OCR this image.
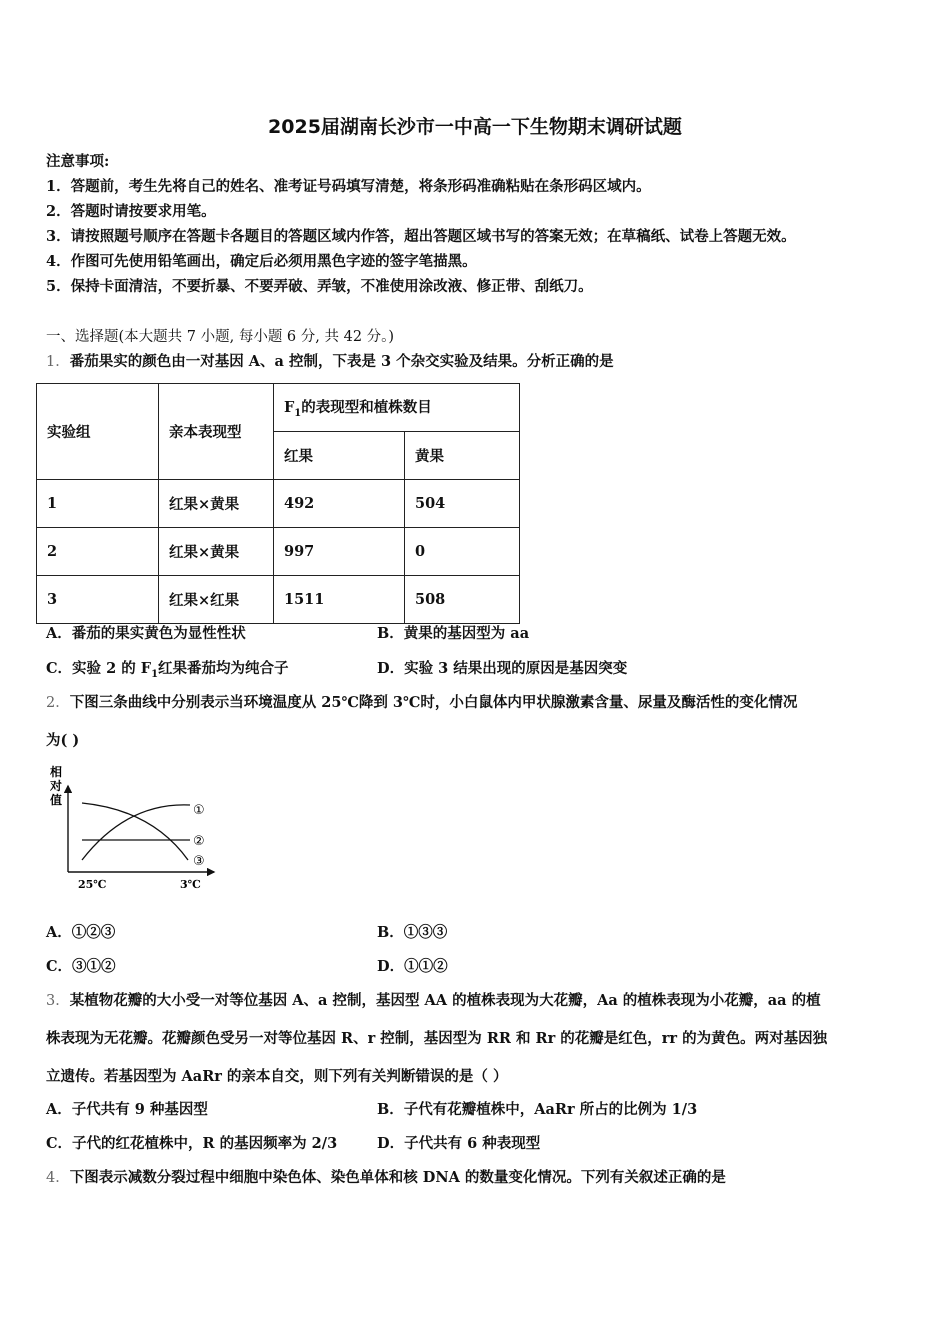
2025届湖南长沙市一中高一下生物期末调研试题
注意事项:
1．答题前，考生先将自己的姓名、准考证号码填写清楚，将条形码准确粘贴在条形码区域内。
2．答题时请按要求用笔。
3．请按照题号顺序在答题卡各题目的答题区域内作答，超出答题区域书写的答案无效；在草稿纸、试卷上答题无效。
4．作图可先使用铅笔画出，确定后必须用黑色字迹的签字笔描黑。
5．保持卡面清洁，不要折暴、不要弄破、弄皱，不准使用涂改液、修正带、刮纸刀。
一、选择题(本大题共 7 小题, 每小题 6 分, 共 42 分。)
1．番茄果实的颜色由一对基因 A、a 控制，下表是 3 个杂交实验及结果。分析正确的是
实验组	亲本表现型	$F_1$的表现型和植株数目	
		红果	黄果
1	红果×黄果	492	504
2	红果×黄果	997	0
3	红果×红果	1511	508
A．番茄的果实黄色为显性性状	B．黄果的基因型为 aa
C．实验 2 的 $F_1$红果番茄均为纯合子	D．实验 3 结果出现的原因是基因突变
2．下图三条曲线中分别表示当环境温度从 25℃降到 3℃时，小白鼠体内甲状腺激素含量、尿量及酶活性的变化情况
为( )
相
对
值
25℃	3℃
①
②
③
A．①②③	B．①③③
C．③①②	D．①①②
3．某植物花瓣的大小受一对等位基因 A、a 控制，基因型 AA 的植株表现为大花瓣，Aa 的植株表现为小花瓣，aa 的植
株表现为无花瓣。花瓣颜色受另一对等位基因 R、r 控制，基因型为 RR 和 Rr 的花瓣是红色，rr 的为黄色。两对基因独
立遗传。若基因型为 AaRr 的亲本自交，则下列有关判断错误的是（ ）
A．子代共有 9 种基因型	B．子代有花瓣植株中，AaRr 所占的比例为 1/3
C．子代的红花植株中，R 的基因频率为 2/3	D．子代共有 6 种表现型
4．下图表示减数分裂过程中细胞中染色体、染色单体和核 DNA 的数量变化情况。下列有关叙述正确的是
